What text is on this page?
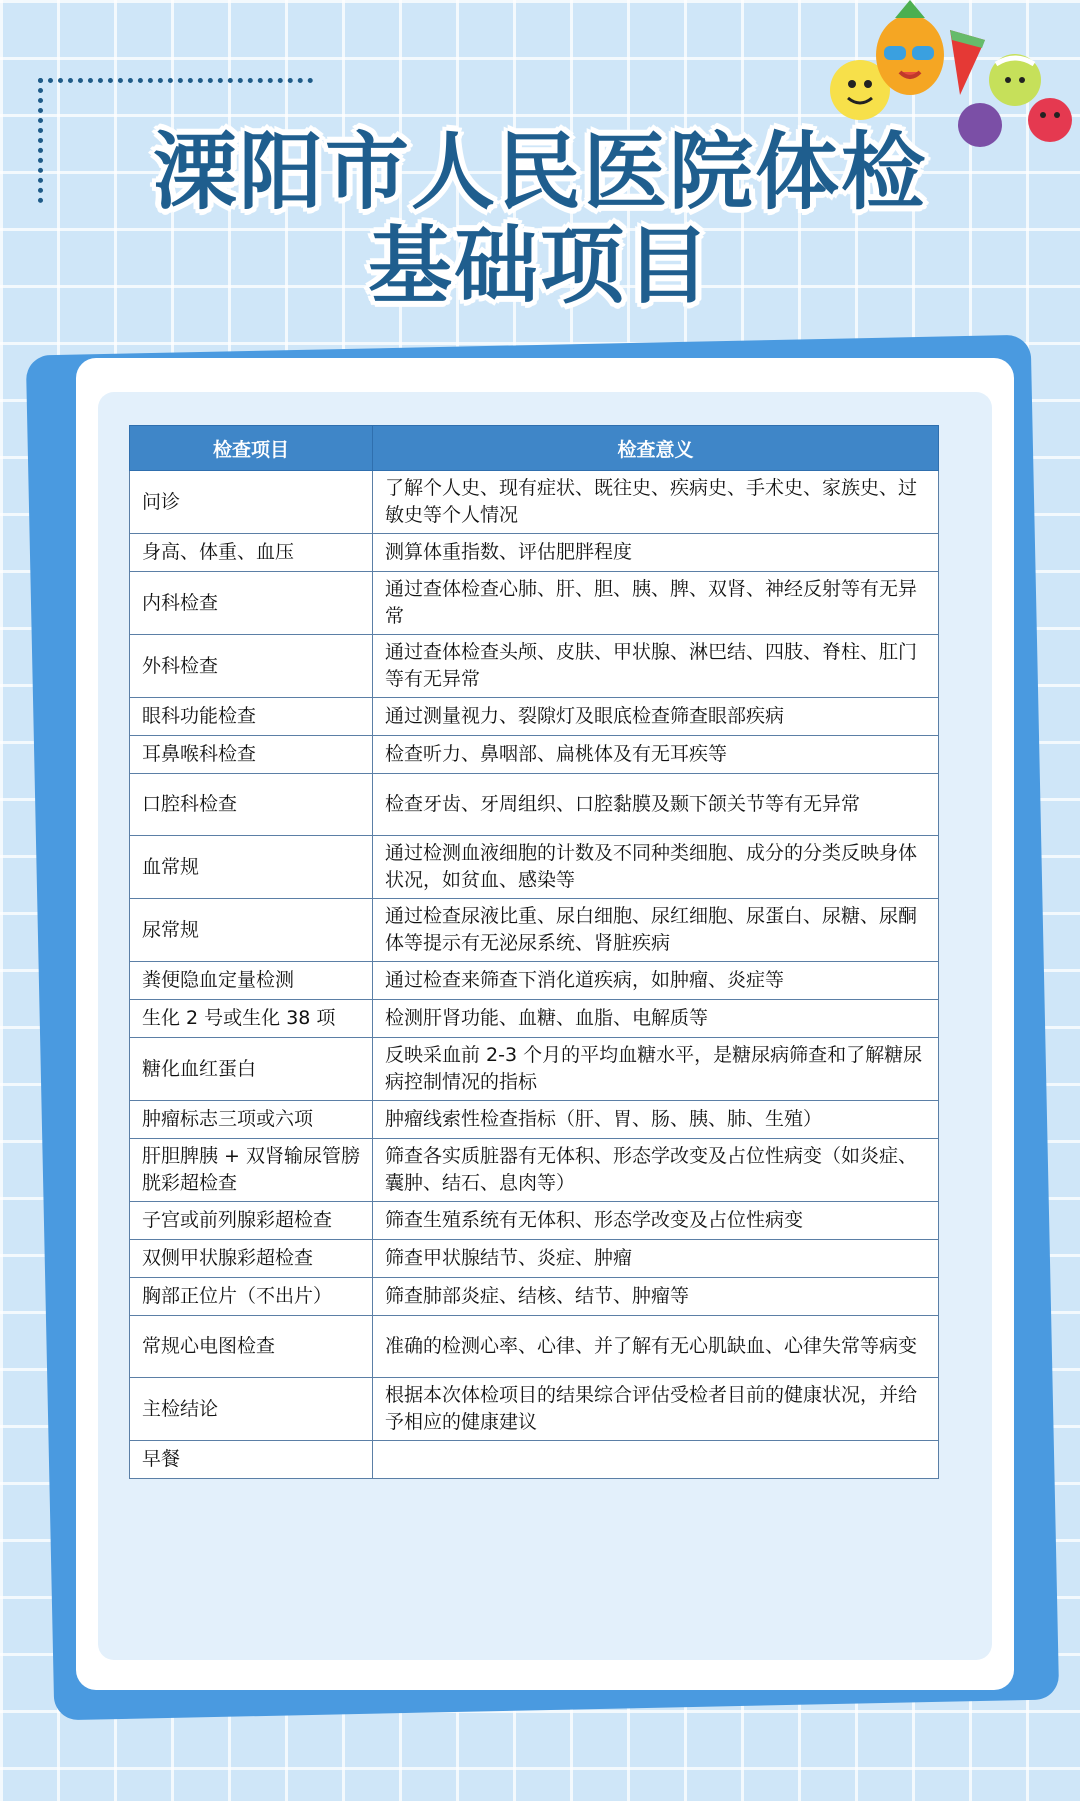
溧阳市人民医院体检
基础项目
检查项目	检查意义
问诊	了解个人史、现有症状、既往史、疾病史、手术史、家族史、过敏史等个人情况
身高、体重、血压	测算体重指数、评估肥胖程度
内科检查	通过查体检查心肺、肝、胆、胰、脾、双肾、神经反射等有无异常
外科检查	通过查体检查头颅、皮肤、甲状腺、淋巴结、四肢、脊柱、肛门等有无异常
眼科功能检查	通过测量视力、裂隙灯及眼底检查筛查眼部疾病
耳鼻喉科检查	检查听力、鼻咽部、扁桃体及有无耳疾等
口腔科检查	检查牙齿、牙周组织、口腔黏膜及颞下颌关节等有无异常
血常规	通过检测血液细胞的计数及不同种类细胞、成分的分类反映身体状况，如贫血、感染等
尿常规	通过检查尿液比重、尿白细胞、尿红细胞、尿蛋白、尿糖、尿酮体等提示有无泌尿系统、肾脏疾病
粪便隐血定量检测	通过检查来筛查下消化道疾病，如肿瘤、炎症等
生化 2 号或生化 38 项	检测肝肾功能、血糖、血脂、电解质等
糖化血红蛋白	反映采血前 2-3 个月的平均血糖水平，是糖尿病筛查和了解糖尿病控制情况的指标
肿瘤标志三项或六项	肿瘤线索性检查指标（肝、胃、肠、胰、肺、生殖）
肝胆脾胰 + 双肾输尿管膀胱彩超检查	筛查各实质脏器有无体积、形态学改变及占位性病变（如炎症、囊肿、结石、息肉等）
子宫或前列腺彩超检查	筛查生殖系统有无体积、形态学改变及占位性病变
双侧甲状腺彩超检查	筛查甲状腺结节、炎症、肿瘤
胸部正位片（不出片）	筛查肺部炎症、结核、结节、肿瘤等
常规心电图检查	准确的检测心率、心律、并了解有无心肌缺血、心律失常等病变
主检结论	根据本次体检项目的结果综合评估受检者目前的健康状况，并给予相应的健康建议
早餐	
